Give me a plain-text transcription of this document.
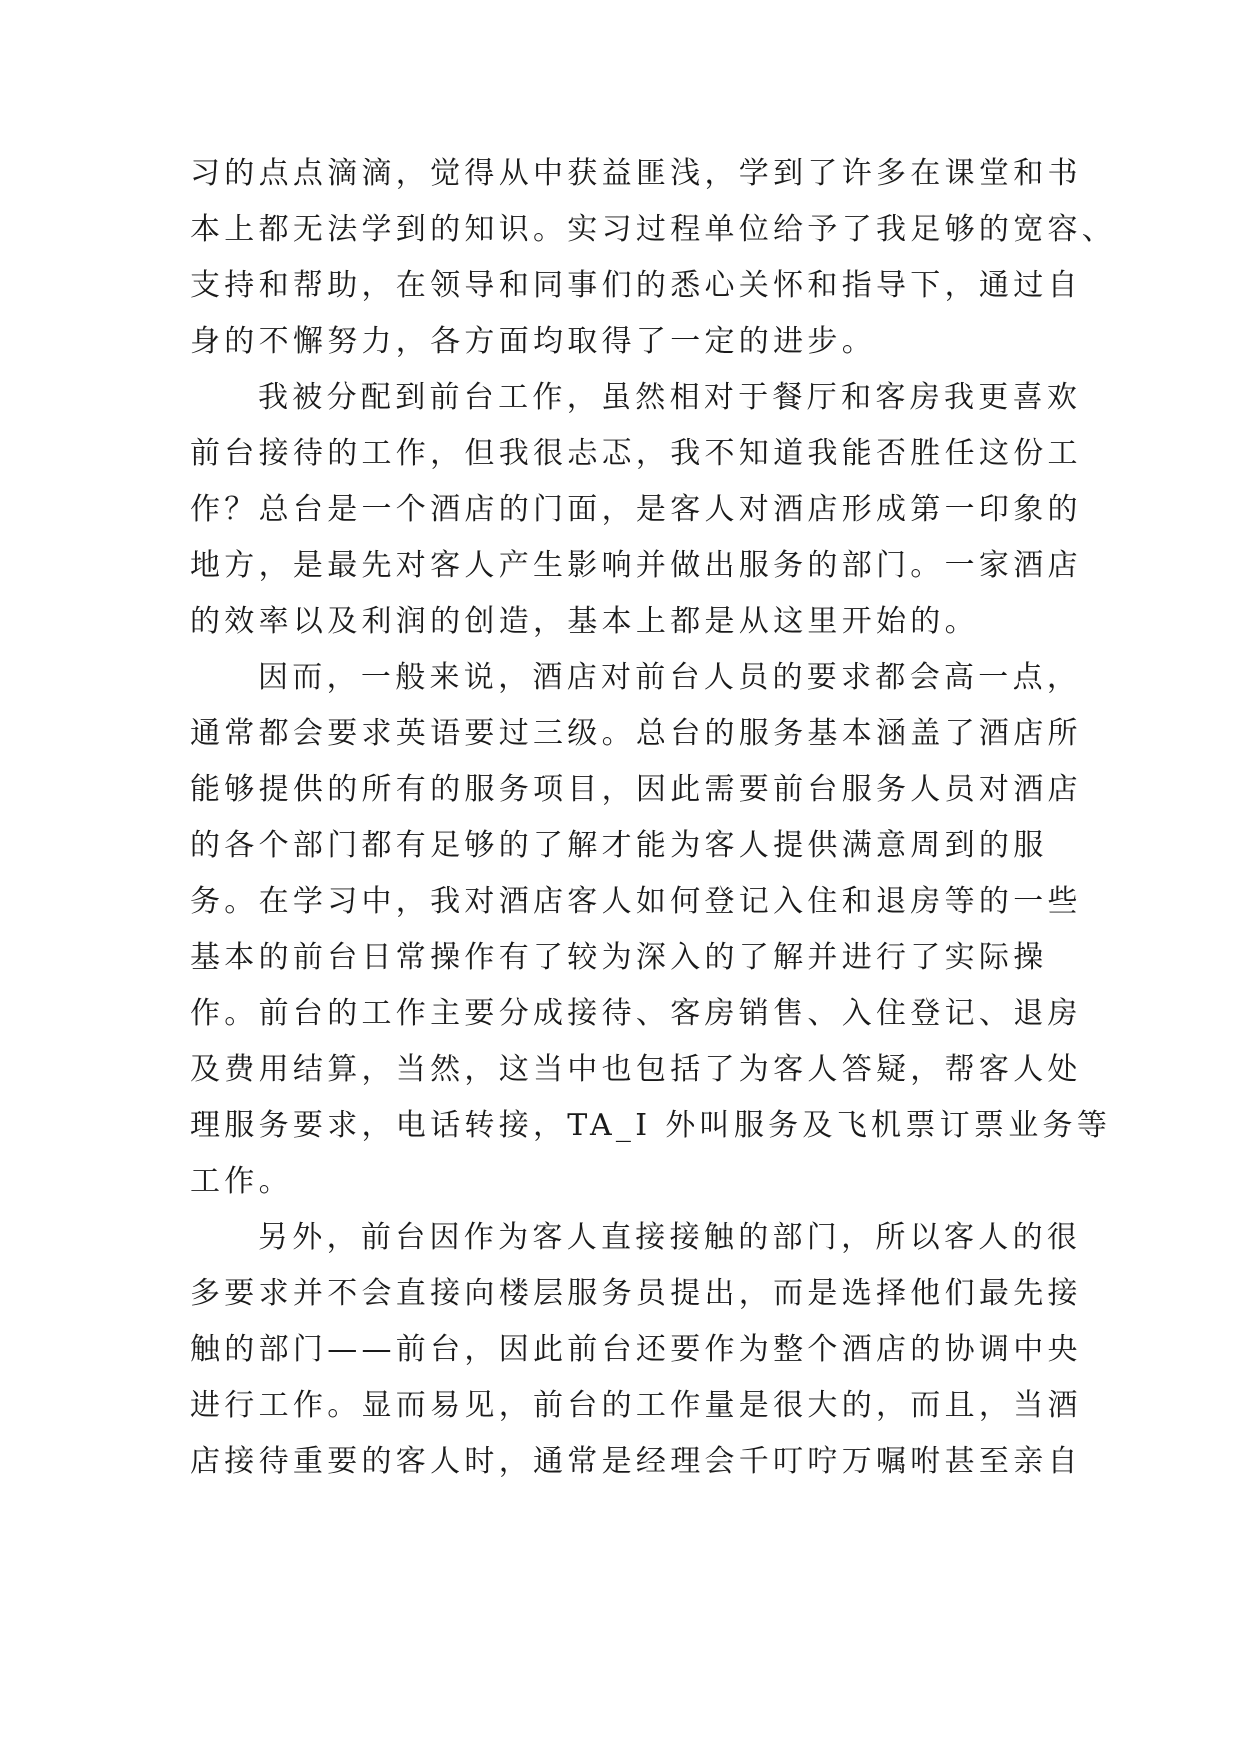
习的点点滴滴，觉得从中获益匪浅，学到了许多在课堂和书
本上都无法学到的知识。实习过程单位给予了我足够的宽容、
支持和帮助，在领导和同事们的悉心关怀和指导下，通过自
身的不懈努力，各方面均取得了一定的进步。
我被分配到前台工作，虽然相对于餐厅和客房我更喜欢
前台接待的工作，但我很忐忑，我不知道我能否胜任这份工
作？总台是一个酒店的门面，是客人对酒店形成第一印象的
地方，是最先对客人产生影响并做出服务的部门。一家酒店
的效率以及利润的创造，基本上都是从这里开始的。
因而，一般来说，酒店对前台人员的要求都会高一点，
通常都会要求英语要过三级。总台的服务基本涵盖了酒店所
能够提供的所有的服务项目，因此需要前台服务人员对酒店
的各个部门都有足够的了解才能为客人提供满意周到的服
务。在学习中，我对酒店客人如何登记入住和退房等的一些
基本的前台日常操作有了较为深入的了解并进行了实际操
作。前台的工作主要分成接待、客房销售、入住登记、退房
及费用结算，当然，这当中也包括了为客人答疑，帮客人处
理服务要求，电话转接，TA_I 外叫服务及飞机票订票业务等
工作。
另外，前台因作为客人直接接触的部门，所以客人的很
多要求并不会直接向楼层服务员提出，而是选择他们最先接
触的部门——前台，因此前台还要作为整个酒店的协调中央
进行工作。显而易见，前台的工作量是很大的，而且，当酒
店接待重要的客人时，通常是经理会千叮咛万嘱咐甚至亲自
